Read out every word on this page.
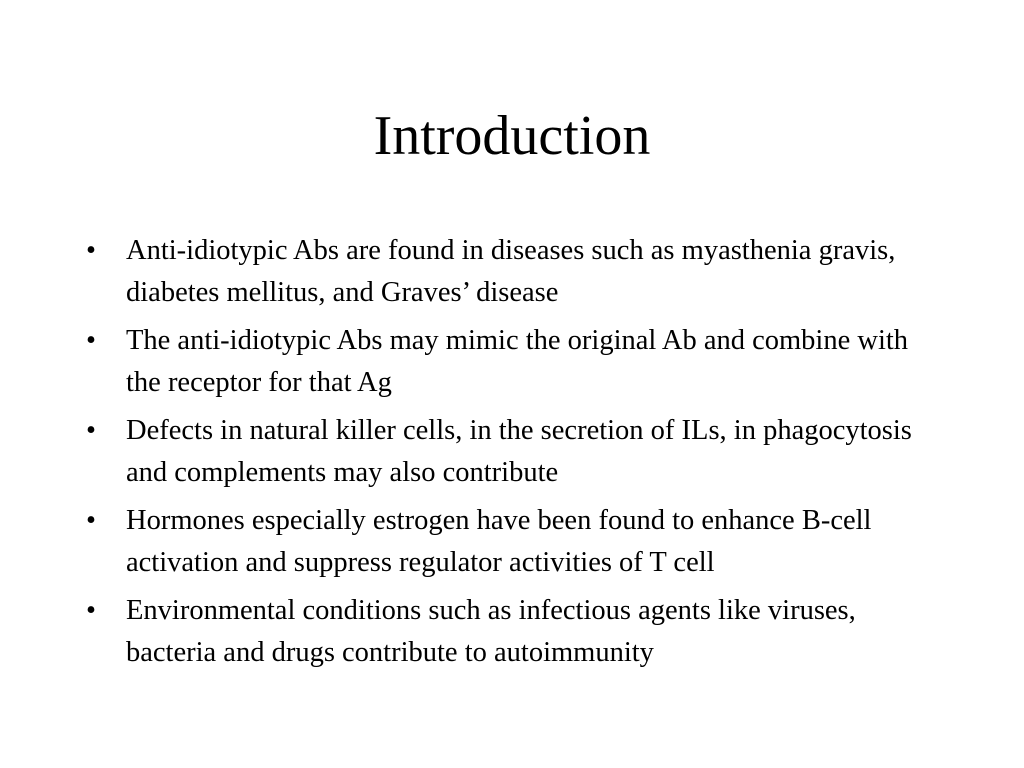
Introduction
•	Anti-idiotypic Abs are found in diseases such as myasthenia gravis, diabetes mellitus, and Graves’ disease
•	The anti-idiotypic Abs may mimic the original Ab and combine with the receptor for that Ag
•	Defects in natural killer cells, in the secretion of ILs, in phagocytosis and complements may also contribute
•	Hormones especially estrogen have been found to enhance B-cell activation and suppress regulator activities of T cell
•	Environmental conditions such as infectious agents like viruses, bacteria and drugs contribute to autoimmunity
